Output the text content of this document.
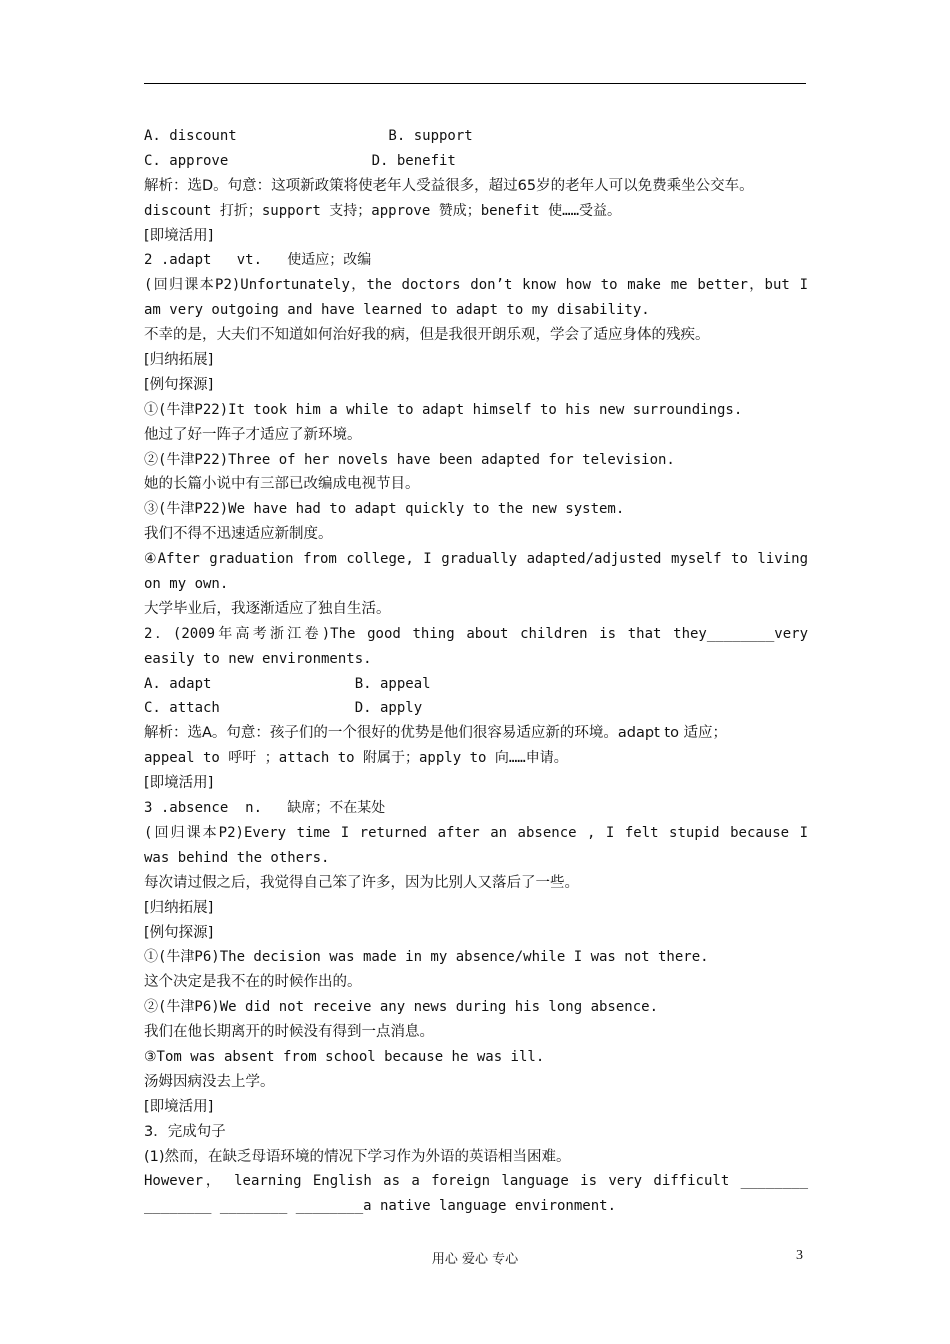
A. discount                  B. support
C. approve                 D. benefit
解析：选D。句意：这项新政策将使老年人受益很多，超过65岁的老年人可以免费乘坐公交车。
discount 打折；support 支持；approve 赞成；benefit 使……受益。
[即境活用]
2 .adapt   vt.   使适应；改编
(回归课本P2)Unfortunately，the doctors don’t know how to make me better，but I
am very outgoing and have learned to adapt to my disability.
不幸的是，大夫们不知道如何治好我的病，但是我很开朗乐观，学会了适应身体的残疾。
[归纳拓展]
[例句探源]
①(牛津P22)It took him a while to adapt himself to his new surroundings.
他过了好一阵子才适应了新环境。
②(牛津P22)Three of her novels have been adapted for television.
她的长篇小说中有三部已改编成电视节目。
③(牛津P22)We have had to adapt quickly to the new system.
我们不得不迅速适应新制度。
④After graduation from college, I gradually adapted/adjusted myself to living
on my own.
大学毕业后，我逐渐适应了独自生活。
2．(2009年高考浙江卷)The good thing about children is that they________very
easily to new environments.
A. adapt                 B. appeal
C. attach                D. apply
解析：选A。句意：孩子们的一个很好的优势是他们很容易适应新的环境。adapt to 适应；
appeal to 呼吁 ；attach to 附属于；apply to 向……申请。
[即境活用]
3 .absence  n.   缺席；不在某处
(回归课本P2)Every time I returned after an absence , I felt stupid because I
was behind the others.
每次请过假之后，我觉得自己笨了许多，因为比别人又落后了一些。
[归纳拓展]
[例句探源]
①(牛津P6)The decision was made in my absence/while I was not there.
这个决定是我不在的时候作出的。
②(牛津P6)We did not receive any news during his long absence.
我们在他长期离开的时候没有得到一点消息。
③Tom was absent from school because he was ill.
汤姆因病没去上学。
[即境活用]
3．完成句子
(1)然而，在缺乏母语环境的情况下学习作为外语的英语相当困难。
However， learning English as a foreign language is very difficult ________
________ ________ ________a native language environment.
用心 爱心 专心	3
